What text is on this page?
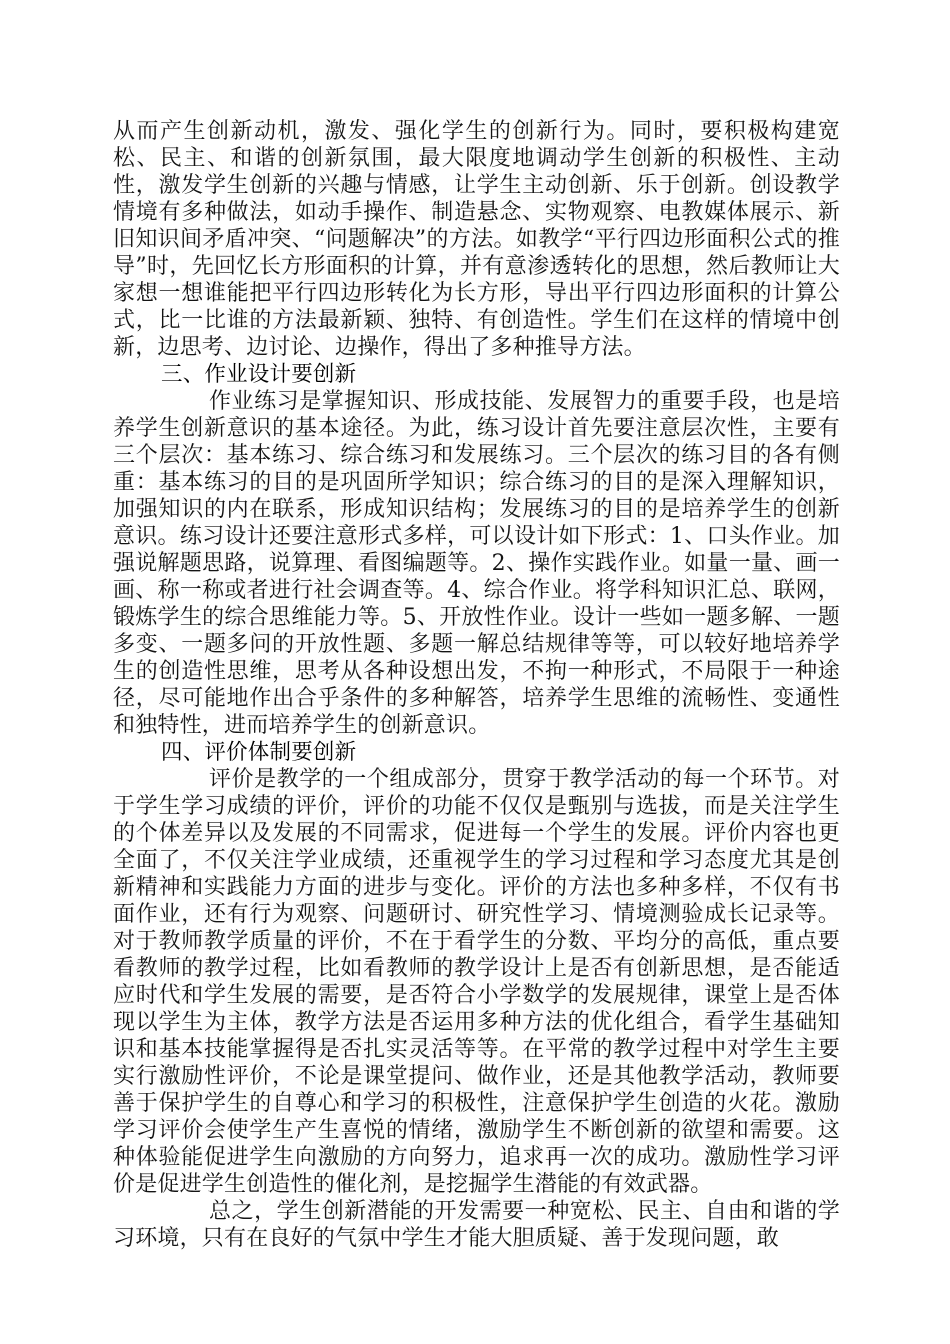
从而产生创新动机，激发、强化学生的创新行为。同时，要积极构建宽松、民主、和谐的创新氛围，最大限度地调动学生创新的积极性、主动性，激发学生创新的兴趣与情感，让学生主动创新、乐于创新。创设教学情境有多种做法，如动手操作、制造悬念、实物观察、电教媒体展示、新旧知识间矛盾冲突、“问题解决”的方法。如教学“平行四边形面积公式的推导”时，先回忆长方形面积的计算，并有意渗透转化的思想，然后教师让大家想一想谁能把平行四边形转化为长方形，导出平行四边形面积的计算公式，比一比谁的方法最新颖、独特、有创造性。学生们在这样的情境中创新，边思考、边讨论、边操作，得出了多种推导方法。

三、作业设计要创新

作业练习是掌握知识、形成技能、发展智力的重要手段，也是培养学生创新意识的基本途径。为此，练习设计首先要注意层次性，主要有三个层次：基本练习、综合练习和发展练习。三个层次的练习目的各有侧重：基本练习的目的是巩固所学知识；综合练习的目的是深入理解知识，加强知识的内在联系，形成知识结构；发展练习的目的是培养学生的创新意识。练习设计还要注意形式多样，可以设计如下形式：1、口头作业。加强说解题思路，说算理、看图编题等。2、操作实践作业。如量一量、画一画、称一称或者进行社会调查等。4、综合作业。将学科知识汇总、联网，锻炼学生的综合思维能力等。5、开放性作业。设计一些如一题多解、一题多变、一题多问的开放性题、多题一解总结规律等等，可以较好地培养学生的创造性思维，思考从各种设想出发，不拘一种形式，不局限于一种途径，尽可能地作出合乎条件的多种解答，培养学生思维的流畅性、变通性和独特性，进而培养学生的创新意识。

四、评价体制要创新

评价是教学的一个组成部分，贯穿于教学活动的每一个环节。对于学生学习成绩的评价，评价的功能不仅仅是甄别与选拔，而是关注学生的个体差异以及发展的不同需求，促进每一个学生的发展。评价内容也更全面了，不仅关注学业成绩，还重视学生的学习过程和学习态度尤其是创新精神和实践能力方面的进步与变化。评价的方法也多种多样，不仅有书面作业，还有行为观察、问题研讨、研究性学习、情境测验成长记录等。对于教师教学质量的评价，不在于看学生的分数、平均分的高低，重点要看教师的教学过程，比如看教师的教学设计上是否有创新思想，是否能适应时代和学生发展的需要，是否符合小学数学的发展规律，课堂上是否体现以学生为主体，教学方法是否运用多种方法的优化组合，看学生基础知识和基本技能掌握得是否扎实灵活等等。在平常的教学过程中对学生主要实行激励性评价，不论是课堂提问、做作业，还是其他教学活动，教师要善于保护学生的自尊心和学习的积极性，注意保护学生创造的火花。激励学习评价会使学生产生喜悦的情绪，激励学生不断创新的欲望和需要。这种体验能促进学生向激励的方向努力，追求再一次的成功。激励性学习评价是促进学生创造性的催化剂，是挖掘学生潜能的有效武器。

总之，学生创新潜能的开发需要一种宽松、民主、自由和谐的学习环境，只有在良好的气氛中学生才能大胆质疑、善于发现问题，敢
